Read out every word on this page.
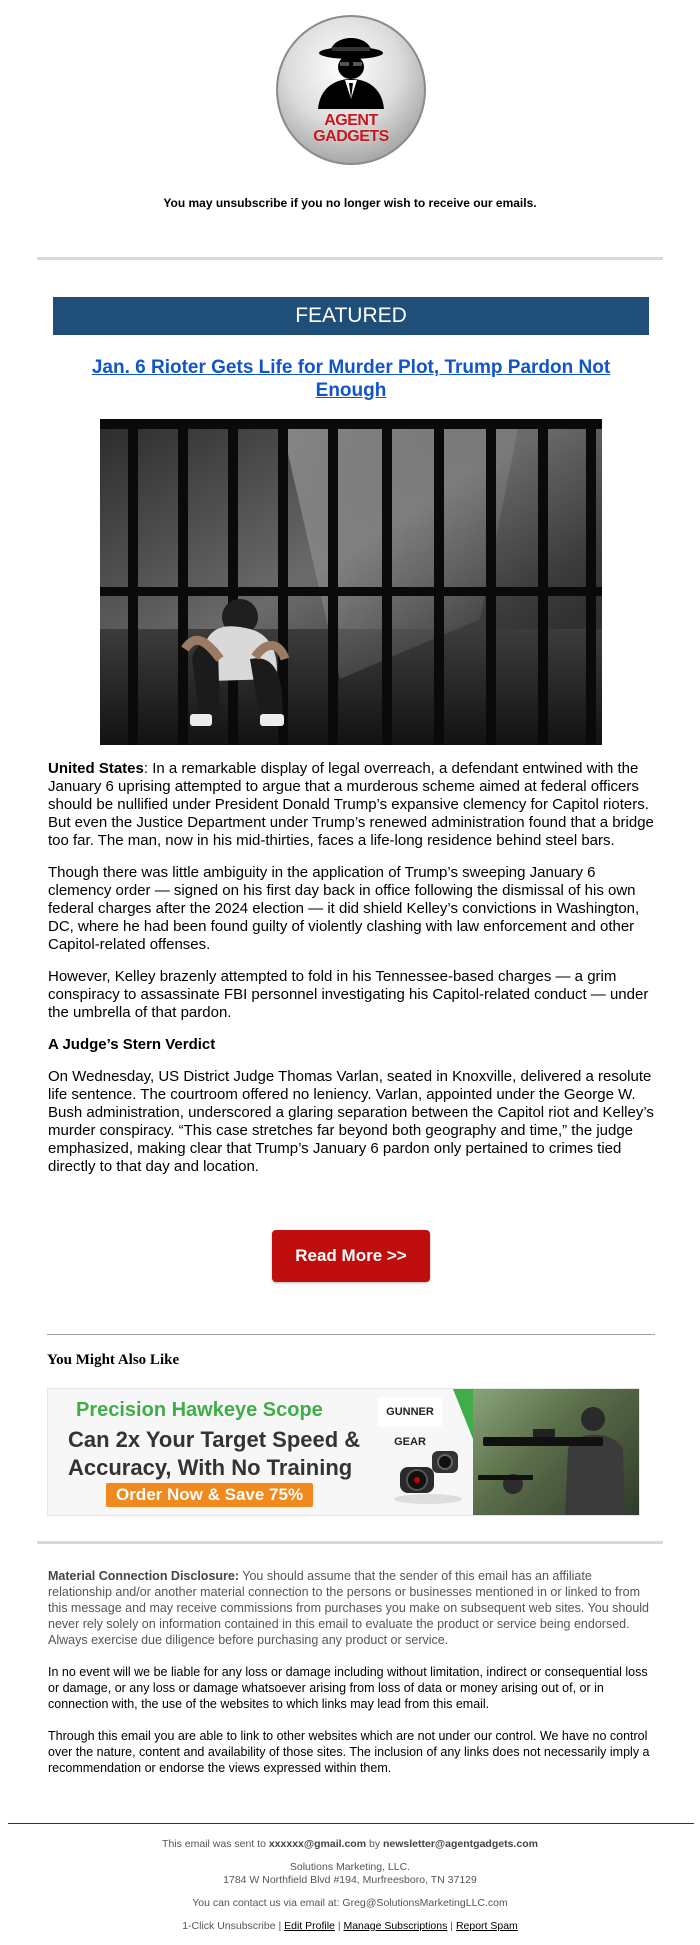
AGENT
GADGETS
You may unsubscribe if you no longer wish to receive our emails.
FEATURED
Jan. 6 Rioter Gets Life for Murder Plot, Trump Pardon Not Enough

United States: In a remarkable display of legal overreach, a defendant entwined with the January 6 uprising attempted to argue that a murderous scheme aimed at federal officers should be nullified under President Donald Trump’s expansive clemency for Capitol rioters. But even the Justice Department under Trump’s renewed administration found that a bridge too far. The man, now in his mid-thirties, faces a life-long residence behind steel bars.

Though there was little ambiguity in the application of Trump’s sweeping January 6 clemency order — signed on his first day back in office following the dismissal of his own federal charges after the 2024 election — it did shield Kelley’s convictions in Washington, DC, where he had been found guilty of violently clashing with law enforcement and other Capitol-related offenses.

However, Kelley brazenly attempted to fold in his Tennessee-based charges — a grim conspiracy to assassinate FBI personnel investigating his Capitol-related conduct — under the umbrella of that pardon.

A Judge’s Stern Verdict

On Wednesday, US District Judge Thomas Varlan, seated in Knoxville, delivered a resolute life sentence. The courtroom offered no leniency. Varlan, appointed under the George W. Bush administration, underscored a glaring separation between the Capitol riot and Kelley’s murder conspiracy. “This case stretches far beyond both geography and time,” the judge emphasized, making clear that Trump’s January 6 pardon only pertained to crimes tied directly to that day and location.

Read More >>
You Might Also Like
Precision Hawkeye Scope
Can 2x Your Target Speed &
Accuracy, With No Training
Order Now & Save 75%
GUNNER GEAR

Material Connection Disclosure: You should assume that the sender of this email has an affiliate relationship and/or another material connection to the persons or businesses mentioned in or linked to from this message and may receive commissions from purchases you make on subsequent web sites. You should never rely solely on information contained in this email to evaluate the product or service being endorsed. Always exercise due diligence before purchasing any product or service.

In no event will we be liable for any loss or damage including without limitation, indirect or consequential loss or damage, or any loss or damage whatsoever arising from loss of data or money arising out of, or in connection with, the use of the websites to which links may lead from this email.

Through this email you are able to link to other websites which are not under our control. We have no control over the nature, content and availability of those sites. The inclusion of any links does not necessarily imply a recommendation or endorse the views expressed within them.

This email was sent to xxxxxx@gmail.com by newsletter@agentgadgets.com
Solutions Marketing, LLC.
1784 W Northfield Blvd #194, Murfreesboro, TN 37129
You can contact us via email at: Greg@SolutionsMarketingLLC.com
1-Click Unsubscribe | Edit Profile | Manage Subscriptions | Report Spam
